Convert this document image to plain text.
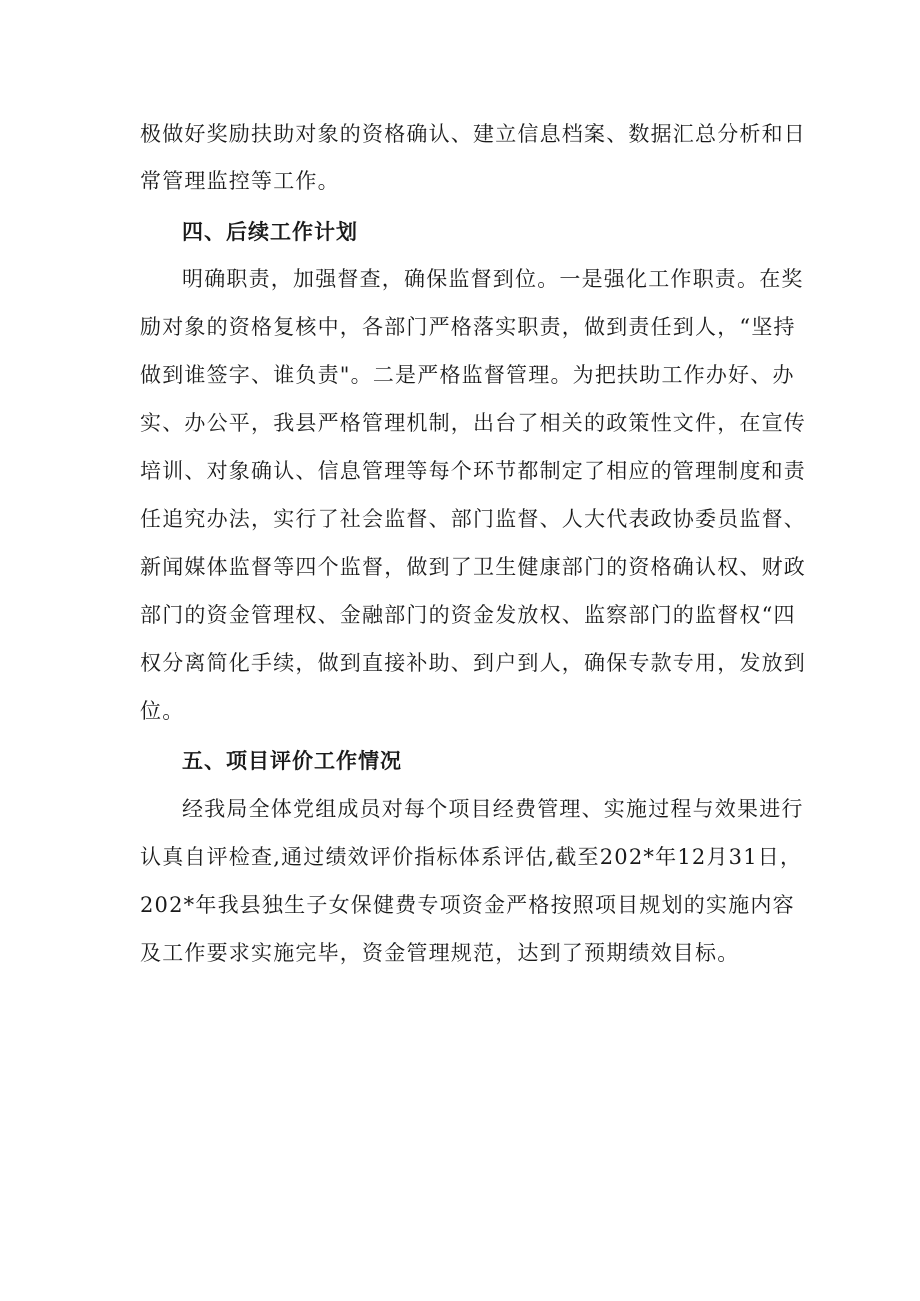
极做好奖励扶助对象的资格确认、建立信息档案、数据汇总分析和日
常管理监控等工作。
四、后续工作计划
明确职责，加强督查，确保监督到位。一是强化工作职责。在奖
励对象的资格复核中，各部门严格落实职责，做到责任到人，“坚持
做到谁签字、谁负责"。二是严格监督管理。为把扶助工作办好、办
实、办公平，我县严格管理机制，出台了相关的政策性文件，在宣传
培训、对象确认、信息管理等每个环节都制定了相应的管理制度和责
任追究办法，实行了社会监督、部门监督、人大代表政协委员监督、
新闻媒体监督等四个监督，做到了卫生健康部门的资格确认权、财政
部门的资金管理权、金融部门的资金发放权、监察部门的监督权“四
权分离简化手续，做到直接补助、到户到人，确保专款专用，发放到
位。
五、项目评价工作情况
经我局全体党组成员对每个项目经费管理、实施过程与效果进行
认真自评检查,通过绩效评价指标体系评估,截至202*年12月31日，
202*年我县独生子女保健费专项资金严格按照项目规划的实施内容
及工作要求实施完毕，资金管理规范，达到了预期绩效目标。
